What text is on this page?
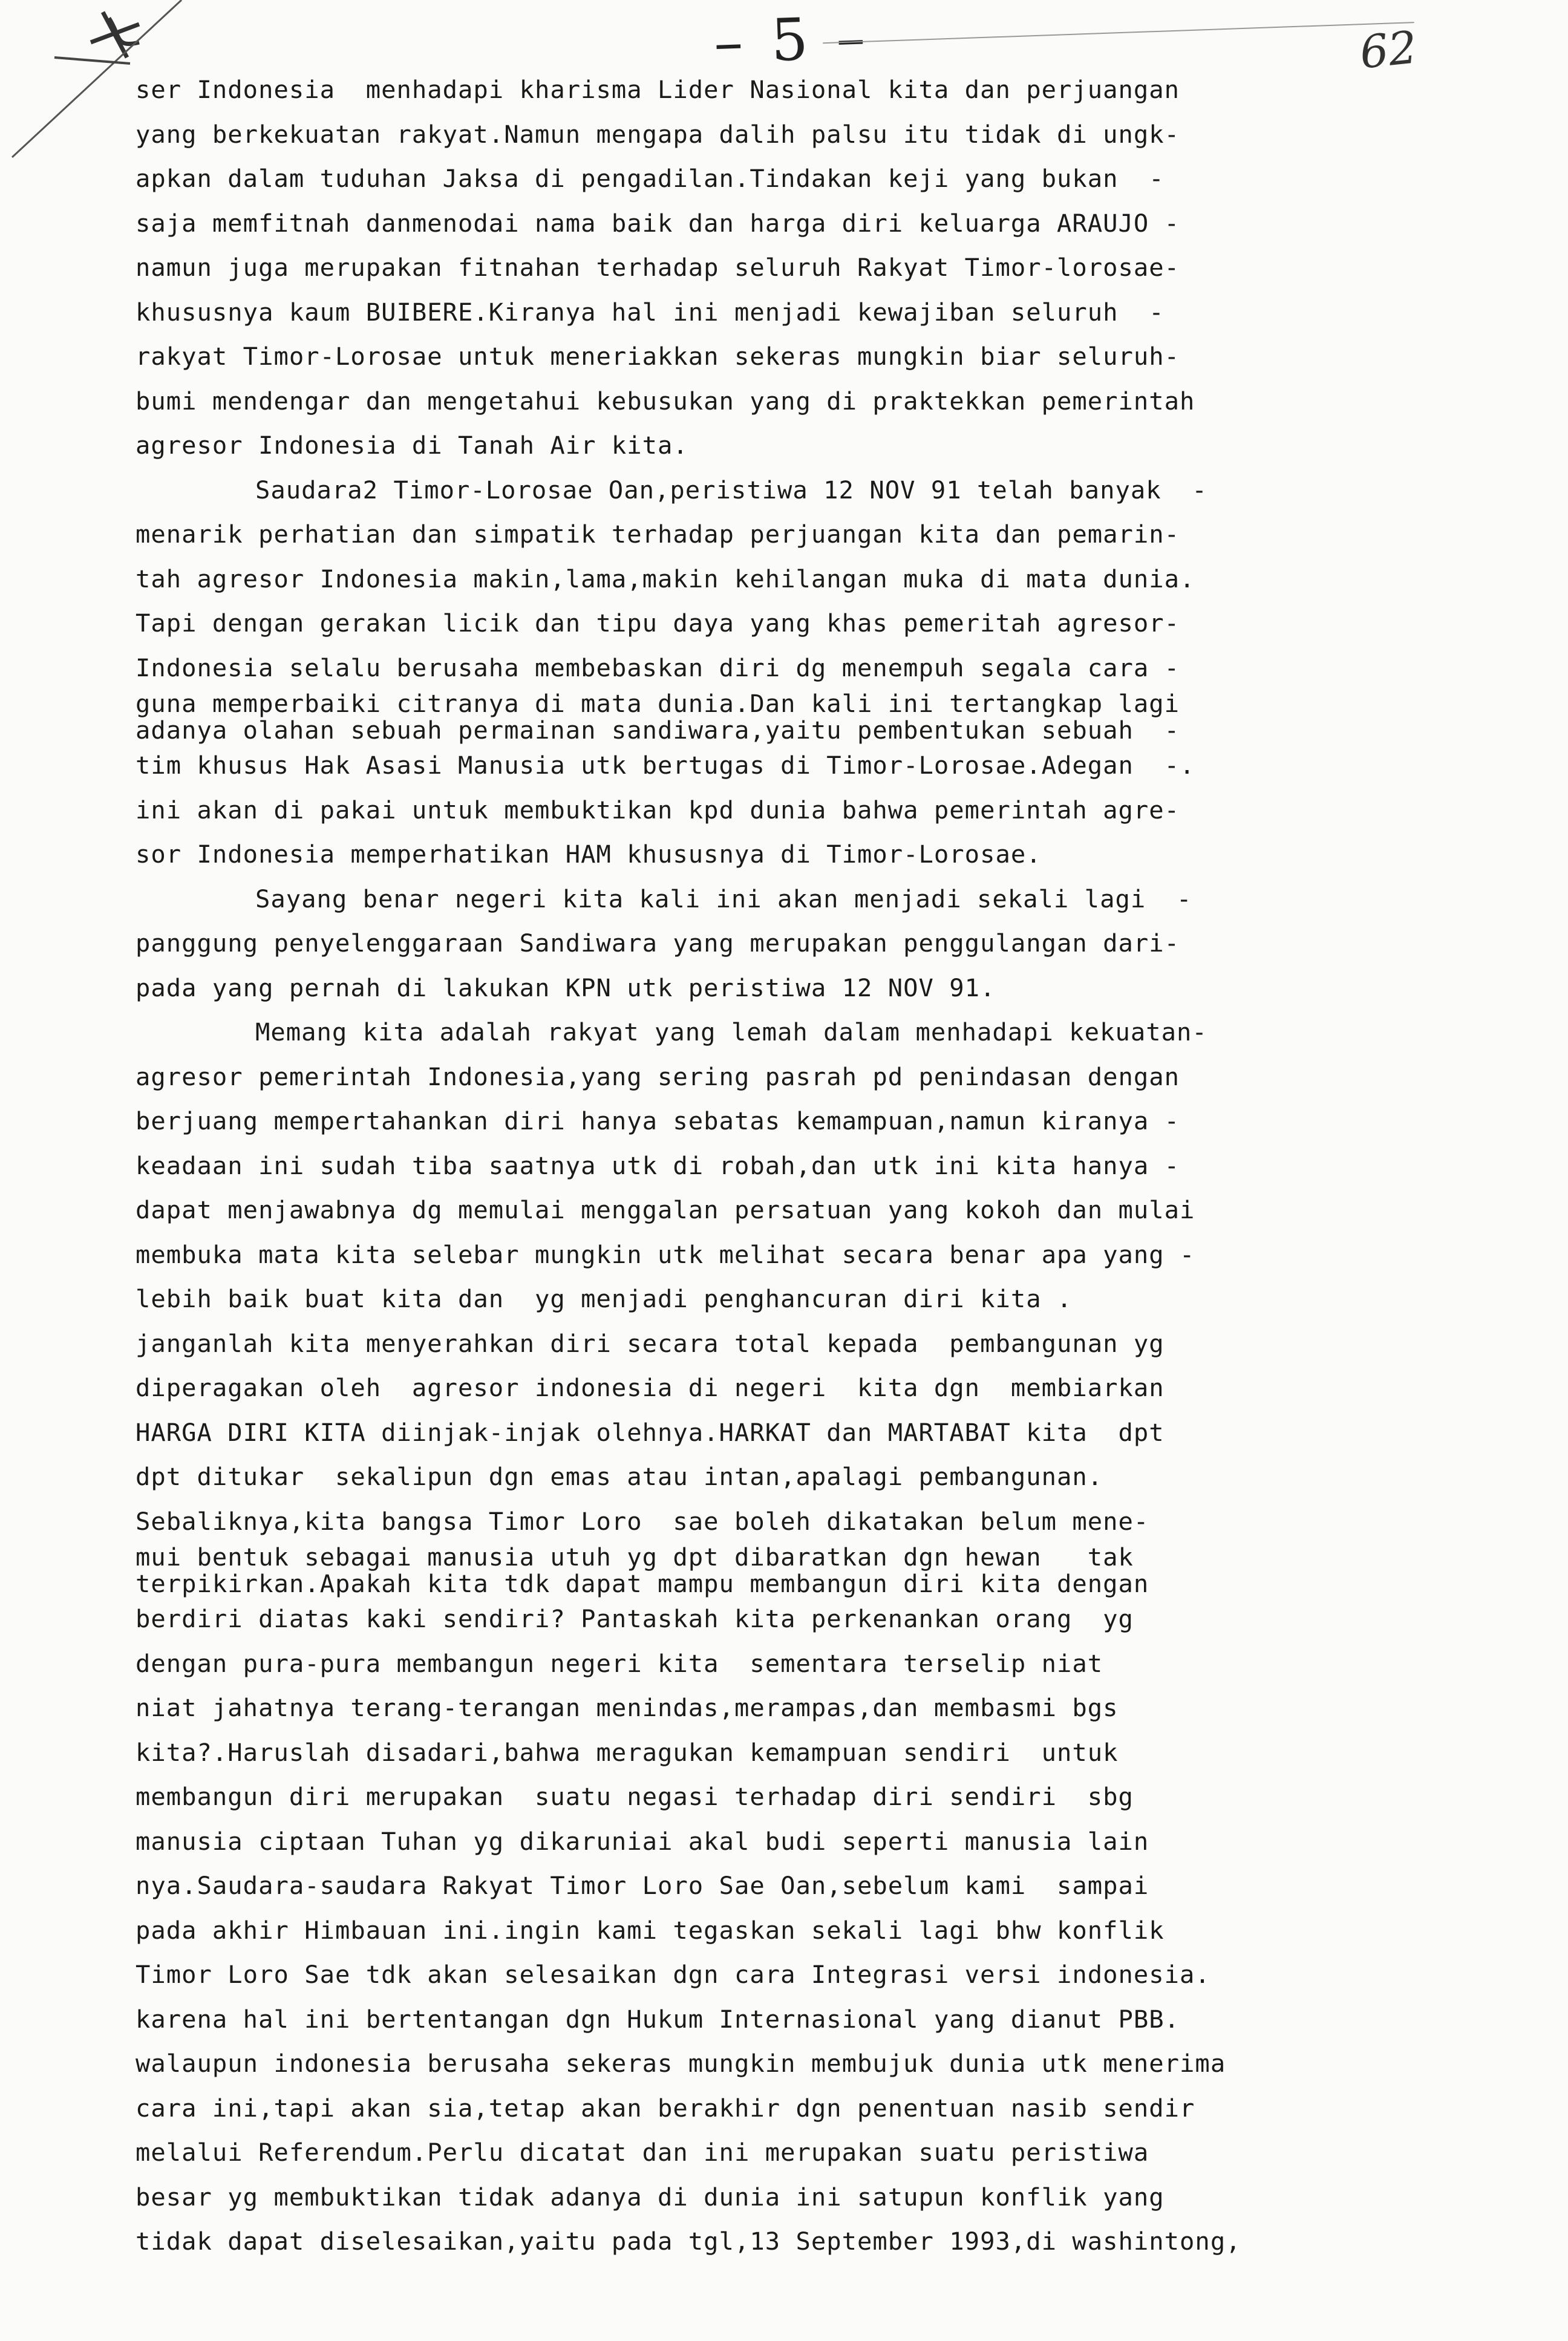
– 5 –	62
ser Indonesia  menhadapi kharisma Lider Nasional kita dan perjuangan
yang berkekuatan rakyat.Namun mengapa dalih palsu itu tidak di ungk-
apkan dalam tuduhan Jaksa di pengadilan.Tindakan keji yang bukan  -
saja memfitnah danmenodai nama baik dan harga diri keluarga ARAUJO -
namun juga merupakan fitnahan terhadap seluruh Rakyat Timor-lorosae-
khususnya kaum BUIBERE.Kiranya hal ini menjadi kewajiban seluruh  -
rakyat Timor-Lorosae untuk meneriakkan sekeras mungkin biar seluruh-
bumi mendengar dan mengetahui kebusukan yang di praktekkan pemerintah
agresor Indonesia di Tanah Air kita.
Saudara2 Timor-Lorosae Oan,peristiwa 12 NOV 91 telah banyak  -
menarik perhatian dan simpatik terhadap perjuangan kita dan pemarin-
tah agresor Indonesia makin,lama,makin kehilangan muka di mata dunia.
Tapi dengan gerakan licik dan tipu daya yang khas pemeritah agresor-
Indonesia selalu berusaha membebaskan diri dg menempuh segala cara -
guna memperbaiki citranya di mata dunia.Dan kali ini tertangkap lagi
adanya olahan sebuah permainan sandiwara,yaitu pembentukan sebuah  -
tim khusus Hak Asasi Manusia utk bertugas di Timor-Lorosae.Adegan  -.
ini akan di pakai untuk membuktikan kpd dunia bahwa pemerintah agre-
sor Indonesia memperhatikan HAM khususnya di Timor-Lorosae.
Sayang benar negeri kita kali ini akan menjadi sekali lagi  -
panggung penyelenggaraan Sandiwara yang merupakan penggulangan dari-
pada yang pernah di lakukan KPN utk peristiwa 12 NOV 91.
Memang kita adalah rakyat yang lemah dalam menhadapi kekuatan-
agresor pemerintah Indonesia,yang sering pasrah pd penindasan dengan
berjuang mempertahankan diri hanya sebatas kemampuan,namun kiranya -
keadaan ini sudah tiba saatnya utk di robah,dan utk ini kita hanya -
dapat menjawabnya dg memulai menggalan persatuan yang kokoh dan mulai
membuka mata kita selebar mungkin utk melihat secara benar apa yang -
lebih baik buat kita dan  yg menjadi penghancuran diri kita .
janganlah kita menyerahkan diri secara total kepada  pembangunan yg
diperagakan oleh  agresor indonesia di negeri  kita dgn  membiarkan
HARGA DIRI KITA diinjak-injak olehnya.HARKAT dan MARTABAT kita  dpt
dpt ditukar  sekalipun dgn emas atau intan,apalagi pembangunan.
Sebaliknya,kita bangsa Timor Loro  sae boleh dikatakan belum mene-
mui bentuk sebagai manusia utuh yg dpt dibaratkan dgn hewan   tak
terpikirkan.Apakah kita tdk dapat mampu membangun diri kita dengan
berdiri diatas kaki sendiri? Pantaskah kita perkenankan orang  yg
dengan pura-pura membangun negeri kita  sementara terselip niat
niat jahatnya terang-terangan menindas,merampas,dan membasmi bgs
kita?.Haruslah disadari,bahwa meragukan kemampuan sendiri  untuk
membangun diri merupakan  suatu negasi terhadap diri sendiri  sbg
manusia ciptaan Tuhan yg dikaruniai akal budi seperti manusia lain
nya.Saudara-saudara Rakyat Timor Loro Sae Oan,sebelum kami  sampai
pada akhir Himbauan ini.ingin kami tegaskan sekali lagi bhw konflik
Timor Loro Sae tdk akan selesaikan dgn cara Integrasi versi indonesia.
karena hal ini bertentangan dgn Hukum Internasional yang dianut PBB.
walaupun indonesia berusaha sekeras mungkin membujuk dunia utk menerima
cara ini,tapi akan sia,tetap akan berakhir dgn penentuan nasib sendir
melalui Referendum.Perlu dicatat dan ini merupakan suatu peristiwa
besar yg membuktikan tidak adanya di dunia ini satupun konflik yang
tidak dapat diselesaikan,yaitu pada tgl,13 September 1993,di washintong,
